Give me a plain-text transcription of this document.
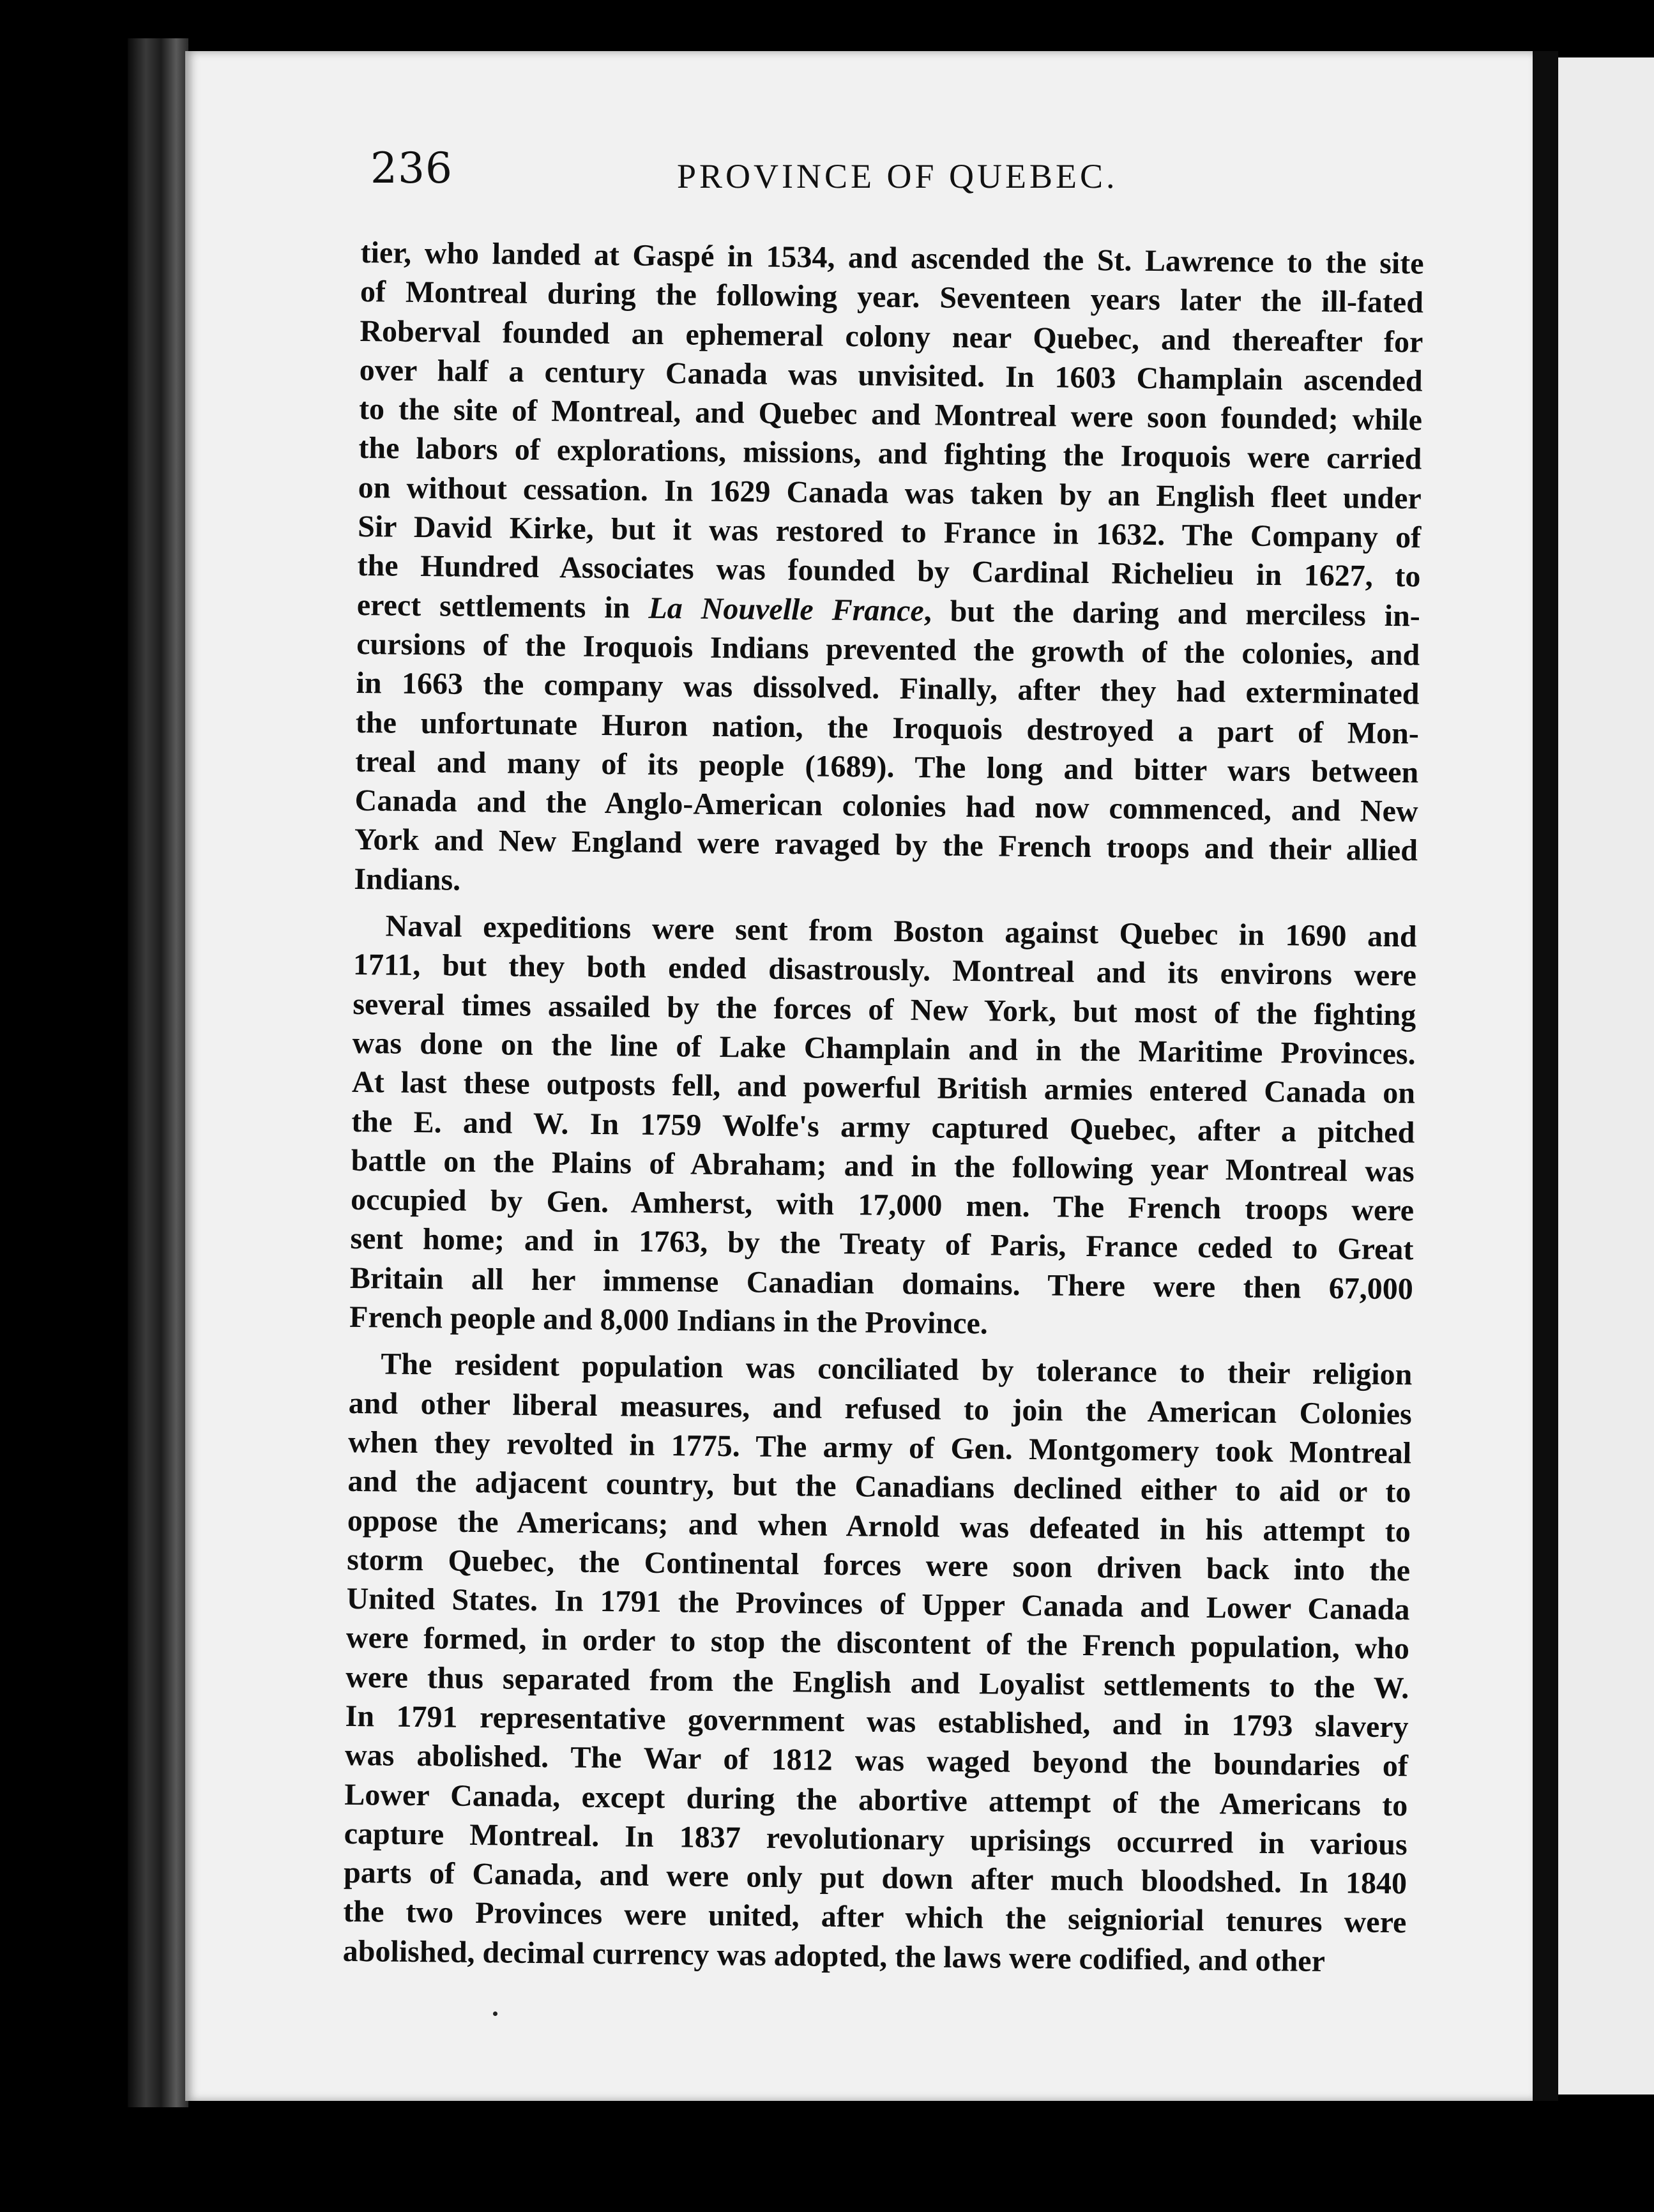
236	PROVINCE OF QUEBEC.
tier, who landed at Gaspé in 1534, and ascended the St. Lawrence to the site
of Montreal during the following year. Seventeen years later the ill-fated
Roberval founded an ephemeral colony near Quebec, and thereafter for
over half a century Canada was unvisited. In 1603 Champlain ascended
to the site of Montreal, and Quebec and Montreal were soon founded; while
the labors of explorations, missions, and fighting the Iroquois were carried
on without cessation. In 1629 Canada was taken by an English fleet under
Sir David Kirke, but it was restored to France in 1632. The Company of
the Hundred Associates was founded by Cardinal Richelieu in 1627, to
erect settlements in La Nouvelle France, but the daring and merciless in-
cursions of the Iroquois Indians prevented the growth of the colonies, and
in 1663 the company was dissolved. Finally, after they had exterminated
the unfortunate Huron nation, the Iroquois destroyed a part of Mon-
treal and many of its people (1689). The long and bitter wars between
Canada and the Anglo-American colonies had now commenced, and New
York and New England were ravaged by the French troops and their allied
Indians.
Naval expeditions were sent from Boston against Quebec in 1690 and
1711, but they both ended disastrously. Montreal and its environs were
several times assailed by the forces of New York, but most of the fighting
was done on the line of Lake Champlain and in the Maritime Provinces.
At last these outposts fell, and powerful British armies entered Canada on
the E. and W. In 1759 Wolfe's army captured Quebec, after a pitched
battle on the Plains of Abraham; and in the following year Montreal was
occupied by Gen. Amherst, with 17,000 men. The French troops were
sent home; and in 1763, by the Treaty of Paris, France ceded to Great
Britain all her immense Canadian domains. There were then 67,000
French people and 8,000 Indians in the Province.
The resident population was conciliated by tolerance to their religion
and other liberal measures, and refused to join the American Colonies
when they revolted in 1775. The army of Gen. Montgomery took Montreal
and the adjacent country, but the Canadians declined either to aid or to
oppose the Americans; and when Arnold was defeated in his attempt to
storm Quebec, the Continental forces were soon driven back into the
United States. In 1791 the Provinces of Upper Canada and Lower Canada
were formed, in order to stop the discontent of the French population, who
were thus separated from the English and Loyalist settlements to the W.
In 1791 representative government was established, and in 1793 slavery
was abolished. The War of 1812 was waged beyond the boundaries of
Lower Canada, except during the abortive attempt of the Americans to
capture Montreal. In 1837 revolutionary uprisings occurred in various
parts of Canada, and were only put down after much bloodshed. In 1840
the two Provinces were united, after which the seigniorial tenures were
abolished, decimal currency was adopted, the laws were codified, and other
